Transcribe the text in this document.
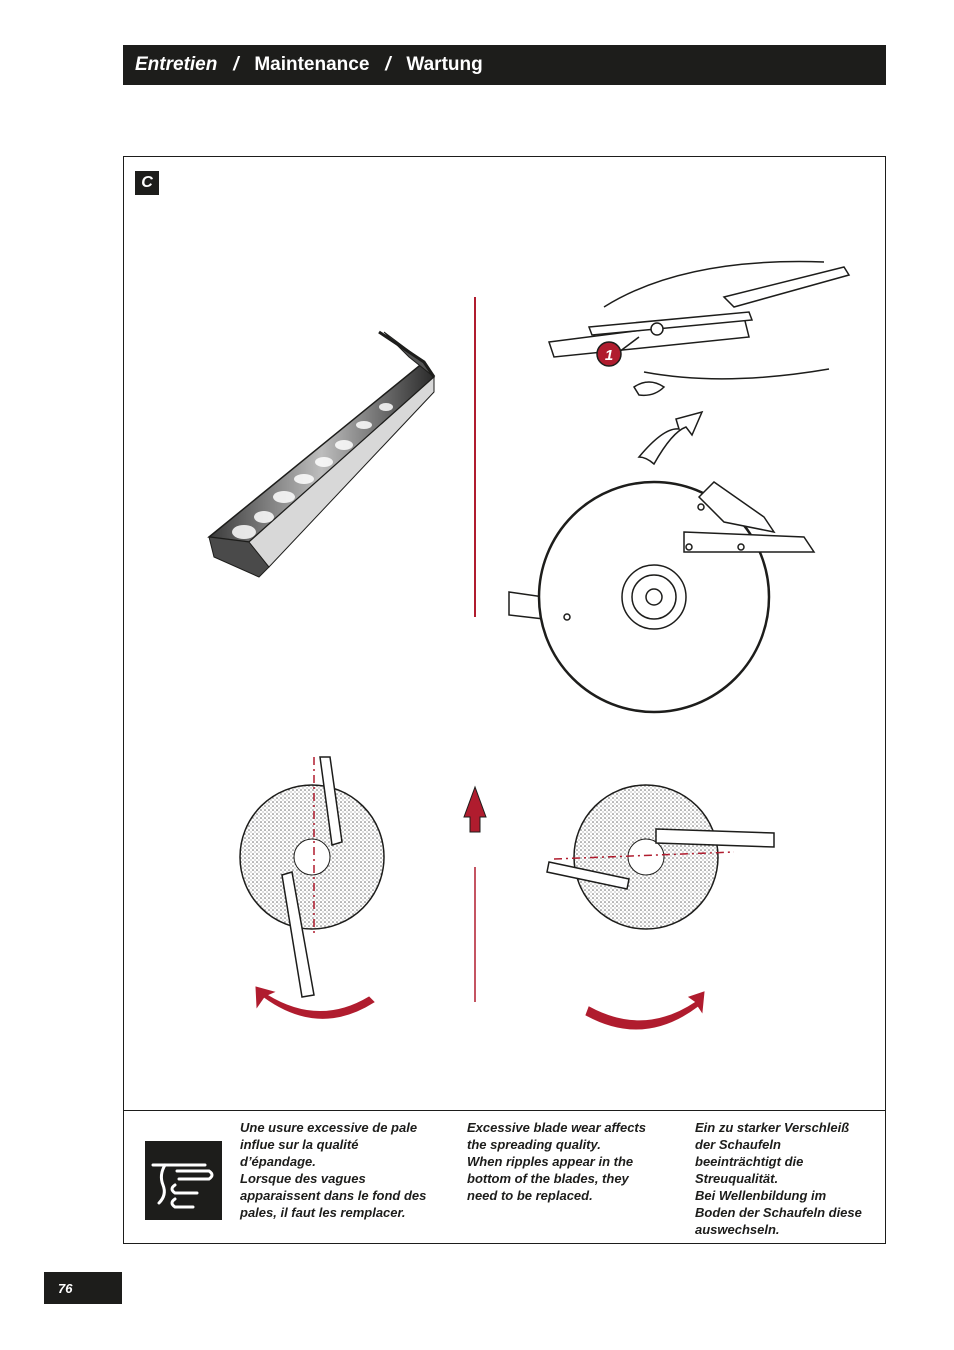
Entretien / Maintenance / Wartung
C
1

Une usure excessive de pale influe sur la qualité d’épandage.

Lorsque des vagues apparaissent dans le fond des pales, il faut les remplacer.

Excessive blade wear affects the spreading quality.

When ripples appear in the bottom of the blades, they need to be replaced.

Ein zu starker Verschleiß der Schaufeln beeinträchtigt die Streuqualität.

Bei Wellenbildung im Boden der Schaufeln diese auswechseln.

76
